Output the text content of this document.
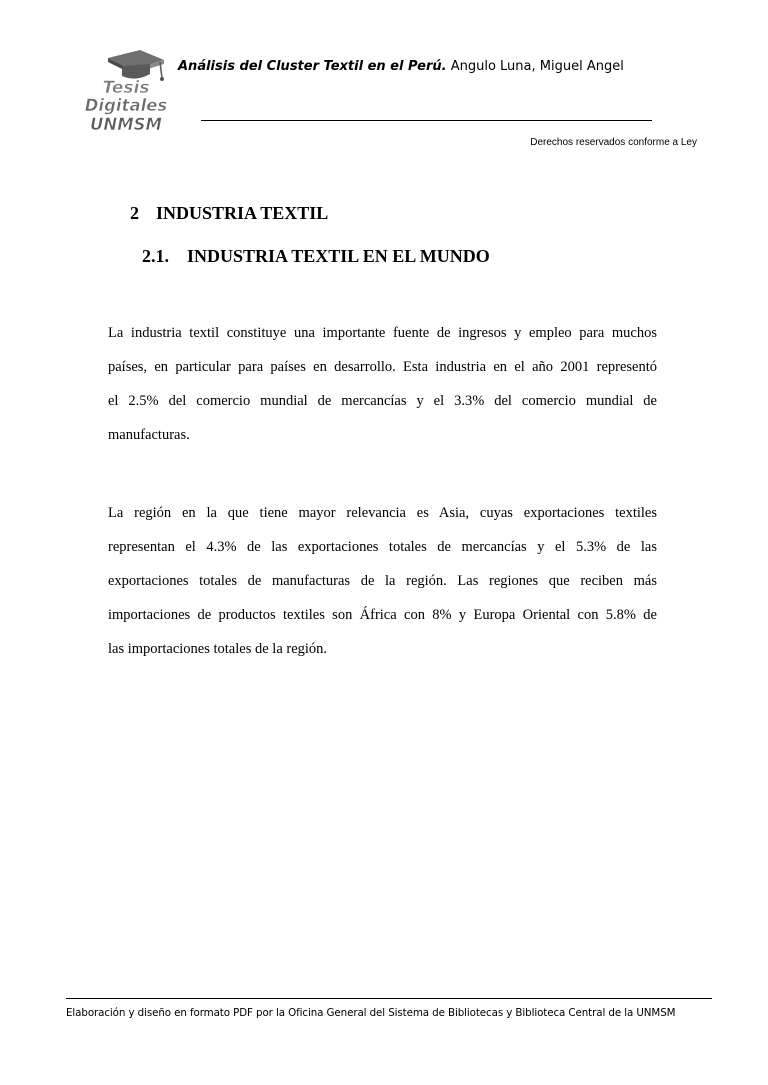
Tesis
Digitales
UNMSM
Análisis del Cluster Textil en el Perú. Angulo Luna, Miguel Angel
Derechos reservados conforme a Ley
2 INDUSTRIA TEXTIL
2.1. INDUSTRIA TEXTIL EN EL MUNDO
La industria textil constituye una importante fuente de ingresos y empleo para muchos
países, en particular para países en desarrollo. Esta industria en el año 2001 representó
el 2.5% del comercio mundial de mercancías y el 3.3% del comercio mundial de
manufacturas.
La región en la que tiene mayor relevancia es Asia, cuyas exportaciones textiles
representan el 4.3% de las exportaciones totales de mercancías y el 5.3% de las
exportaciones totales de manufacturas de la región. Las regiones que reciben más
importaciones de productos textiles son África con 8% y Europa Oriental con 5.8% de
las importaciones totales de la región.
Elaboración y diseño en formato PDF por la Oficina General del Sistema de Bibliotecas y Biblioteca Central de la UNMSM
